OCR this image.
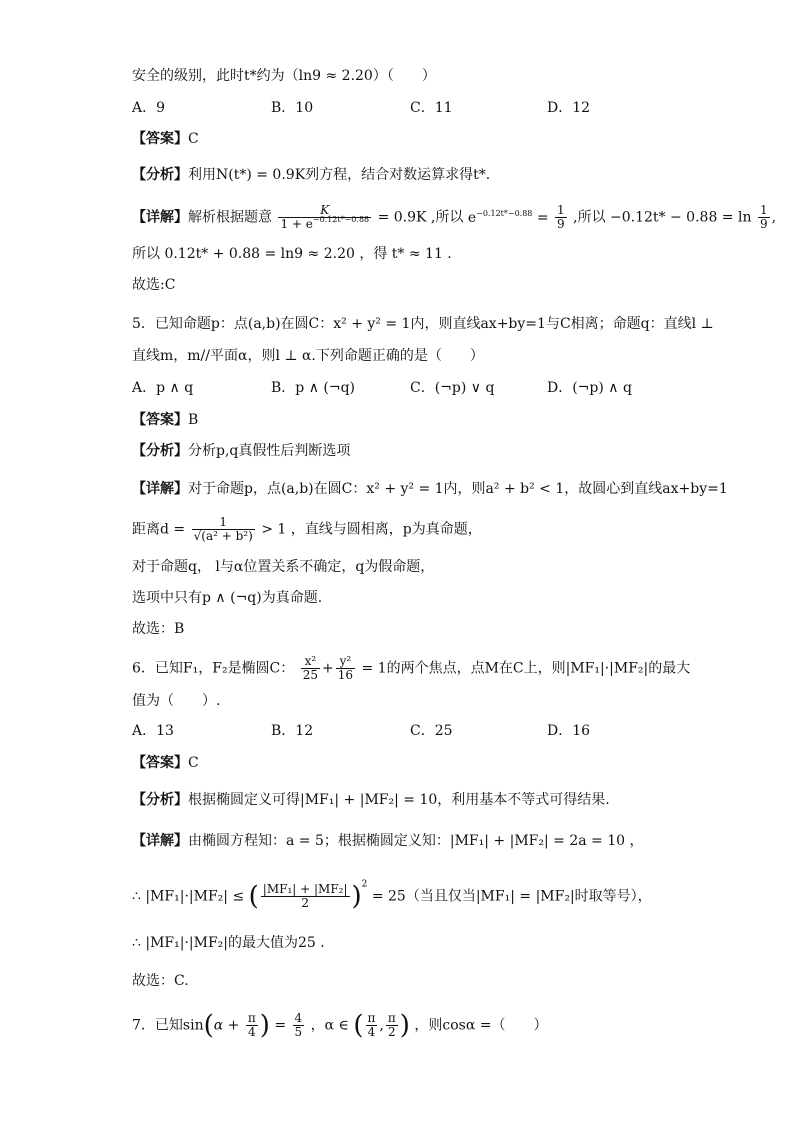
安全的级别，此时t*约为（ln9 ≈ 2.20）（　　）
A．9	B．10	C．11	D．12
【答案】C
【分析】利用N(t*) = 0.9K列方程，结合对数运算求得t*.
【详解】解析根据题意 $\frac{K}{1 + e^{-0.12t*-0.88}} = 0.9K$ ,所以 $e^{-0.12t*-0.88} = \frac{1}{9}$ ,所以 $-0.12t* - 0.88 = \ln \frac{1}{9}$ ,
所以 0.12t* + 0.88 = ln9 ≈ 2.20 ，得 t* ≈ 11 .
故选:C
5．已知命题p：点(a,b)在圆C：x² + y² = 1内，则直线ax+by=1与C相离；命题q：直线l ⊥
直线m，m//平面α，则l ⊥ α.下列命题正确的是（　　）
A．p ∧ q	B．p ∧ (¬q)	C．(¬p) ∨ q	D．(¬p) ∧ q
【答案】B
【分析】分析p,q真假性后判断选项
【详解】对于命题p，点(a,b)在圆C：x² + y² = 1内，则a² + b² < 1，故圆心到直线ax+by=1
距离$d = \frac{1}{\text{√(a² + b²)}} > 1$ ，直线与圆相离，p为真命题，
对于命题q， l与α位置关系不确定，q为假命题，
选项中只有p ∧ (¬q)为真命题.
故选：B
6．已知F₁，F₂是椭圆C： $\frac{\text{x²}}{25} + \frac{\text{y²}}{16} = 1$的两个焦点，点M在C上，则|MF₁|·|MF₂|的最大
值为（　　）.
A．13	B．12	C．25	D．16
【答案】C
【分析】根据椭圆定义可得|MF₁| + |MF₂| = 10，利用基本不等式可得结果.
【详解】由椭圆方程知：a = 5；根据椭圆定义知：|MF₁| + |MF₂| = 2a = 10 ，
∴ |MF₁|·|MF₂| ≤ ( $\frac{\text{|MF₁| + |MF₂|}}{2} )^2 = 25$（当且仅当|MF₁| = |MF₂|时取等号），
∴ |MF₁|·|MF₂|的最大值为25 .
故选：C.
7．已知$\sin(\alpha + \frac{\pi}{4}$ ) = $\frac{4}{5}$ ，α ∈ ( $\frac{\pi}{4}$ , $\frac{\pi}{2}$ ) ，则cosα =（　　）
